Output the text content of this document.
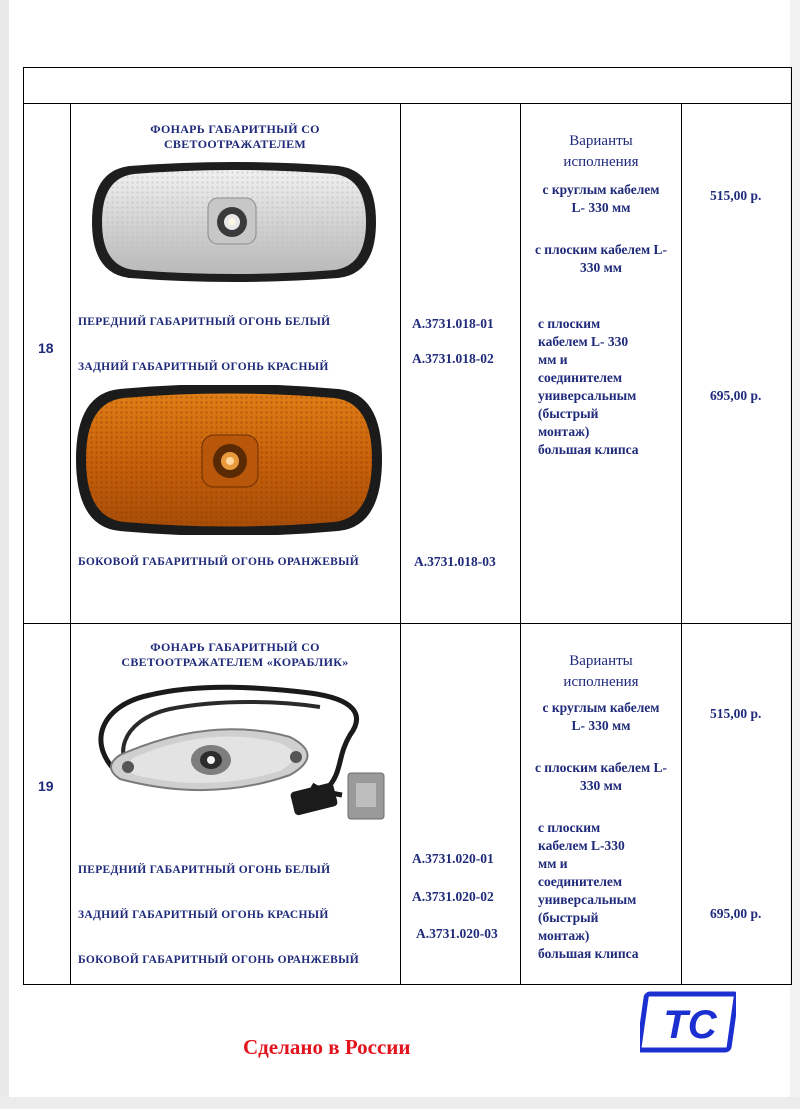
18
ФОНАРЬ ГАБАРИТНЫЙ СО СВЕТООТРАЖАТЕЛЕМ
ПЕРЕДНИЙ ГАБАРИТНЫЙ ОГОНЬ БЕЛЫЙ
ЗАДНИЙ ГАБАРИТНЫЙ ОГОНЬ КРАСНЫЙ
БОКОВОЙ ГАБАРИТНЫЙ ОГОНЬ ОРАНЖЕВЫЙ
А.3731.018-01
А.3731.018-02
А.3731.018-03
Варианты
исполнения
с круглым кабелем
L- 330 мм
с плоским кабелем L-
330 мм
с плоским
кабелем L- 330
мм и
соединителем
универсальным
(быстрый
монтаж)
большая клипса
515,00 р.
695,00 р.
19
ФОНАРЬ ГАБАРИТНЫЙ СО СВЕТООТРАЖАТЕЛЕМ «КОРАБЛИК»
ПЕРЕДНИЙ ГАБАРИТНЫЙ ОГОНЬ БЕЛЫЙ
ЗАДНИЙ ГАБАРИТНЫЙ ОГОНЬ КРАСНЫЙ
БОКОВОЙ ГАБАРИТНЫЙ ОГОНЬ ОРАНЖЕВЫЙ
А.3731.020-01
А.3731.020-02
А.3731.020-03
Варианты
исполнения
с круглым кабелем
L- 330 мм
с плоским кабелем L-
330 мм
с плоским
кабелем L-330
мм и
соединителем
универсальным
(быстрый
монтаж)
большая клипса
515,00 р.
695,00 р.
Сделано в России	ТС
